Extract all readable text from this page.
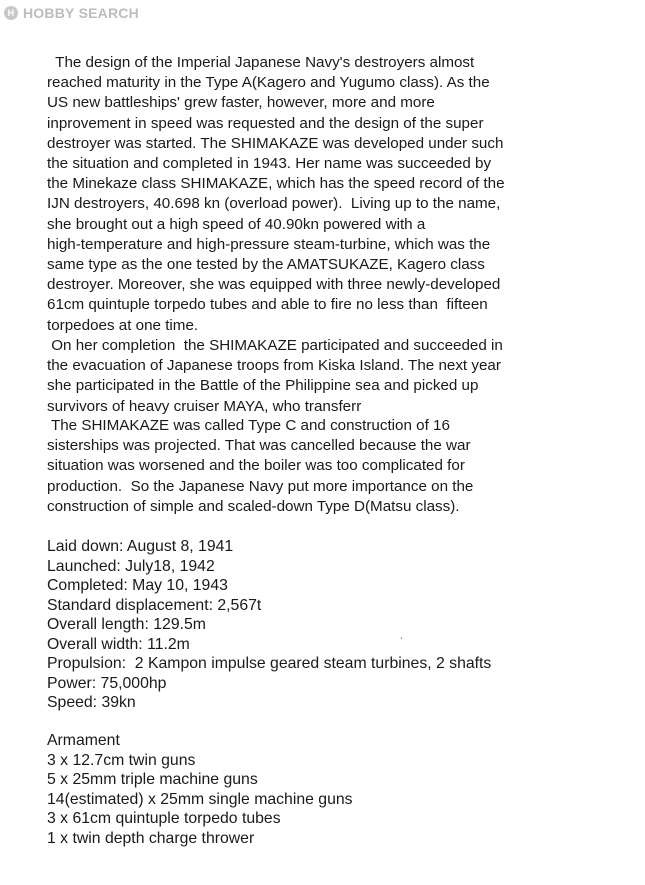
H HOBBY SEARCH

The design of the Imperial Japanese Navy's destroyers almost
reached maturity in the Type A(Kagero and Yugumo class). As the
US new battleships' grew faster, however, more and more
inprovement in speed was requested and the design of the super
destroyer was started. The SHIMAKAZE was developed under such
the situation and completed in 1943. Her name was succeeded by
the Minekaze class SHIMAKAZE, which has the speed record of the
IJN destroyers, 40.698 kn (overload power).  Living up to the name,
she brought out a high speed of 40.90kn powered with a
high-temperature and high-pressure steam-turbine, which was the
same type as the one tested by the AMATSUKAZE, Kagero class
destroyer. Moreover, she was equipped with three newly-developed
61cm quintuple torpedo tubes and able to fire no less than  fifteen
torpedoes at one time.

On her completion  the SHIMAKAZE participated and succeeded in
the evacuation of Japanese troops from Kiska Island. The next year
she participated in the Battle of the Philippine sea and picked up
survivors of heavy cruiser MAYA, who transferr

The SHIMAKAZE was called Type C and construction of 16
sisterships was projected. That was cancelled because the war
situation was worsened and the boiler was too complicated for
production.  So the Japanese Navy put more importance on the
construction of simple and scaled-down Type D(Matsu class).

Laid down: August 8, 1941
Launched: July18, 1942
Completed: May 10, 1943
Standard displacement: 2,567t
Overall length: 129.5m
Overall width: 11.2m
Propulsion:  2 Kampon impulse geared steam turbines, 2 shafts
Power: 75,000hp
Speed: 39kn
Armament
3 x 12.7cm twin guns
5 x 25mm triple machine guns
14(estimated) x 25mm single machine guns
3 x 61cm quintuple torpedo tubes
1 x twin depth charge thrower
